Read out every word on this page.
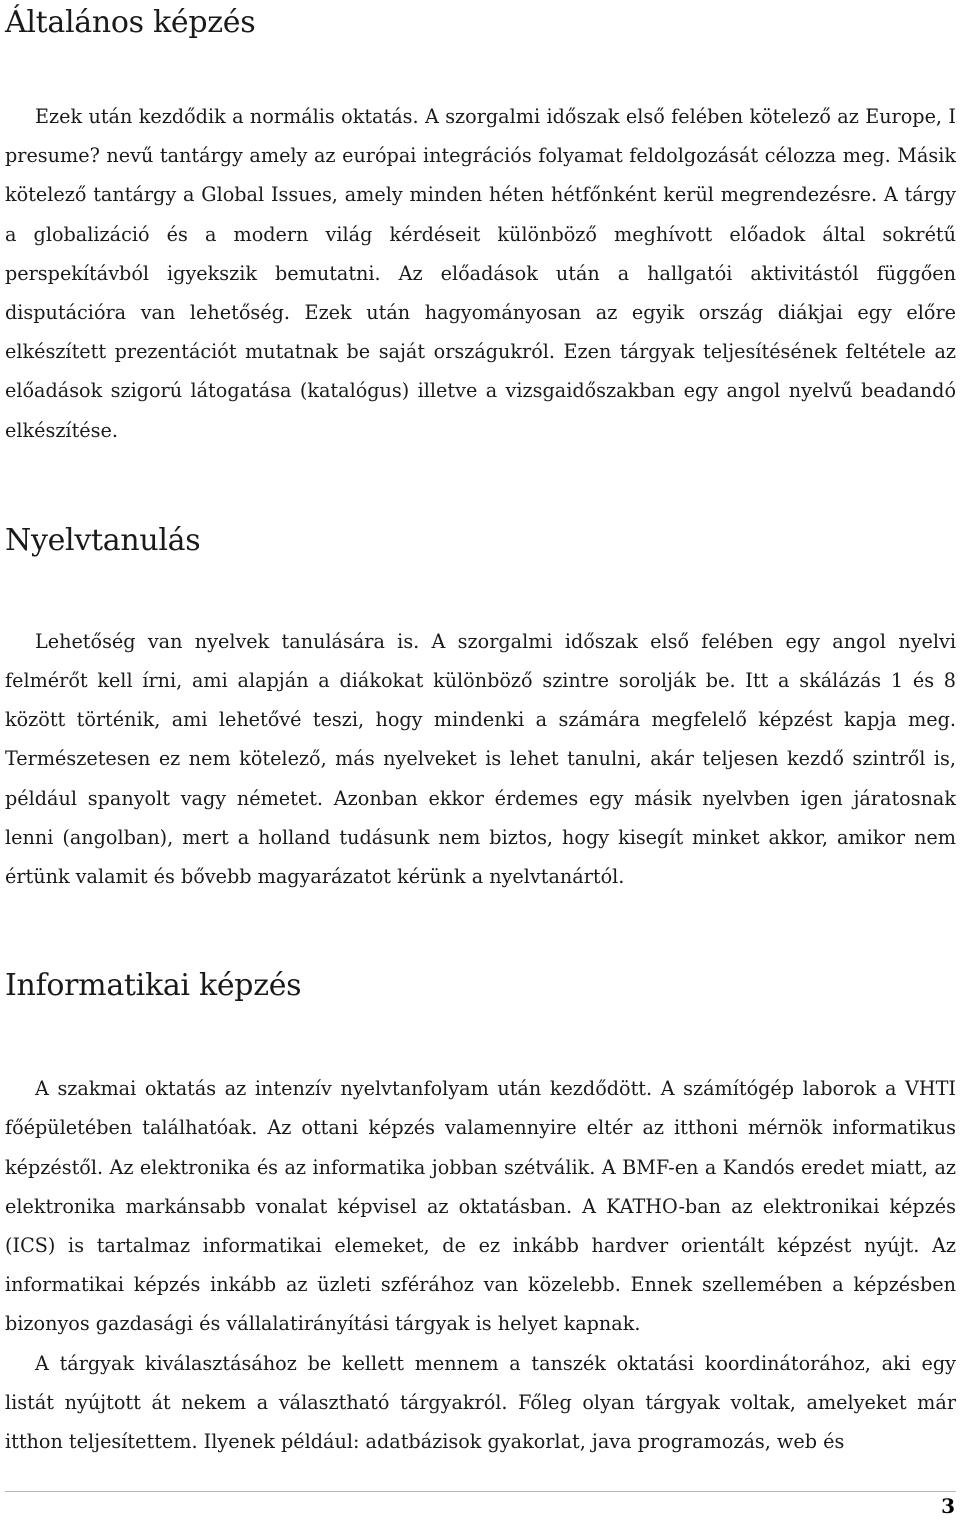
Általános képzés

Ezek után kezdődik a normális oktatás. A szorgalmi időszak első felében kötelező az Europe, I presume? nevű tantárgy amely az európai integrációs folyamat feldolgozását célozza meg. Másik kötelező tantárgy a Global Issues, amely minden héten hétfőnként kerül megrendezésre. A tárgy a globalizáció és a modern világ kérdéseit különböző meghívott előadok által sokrétű perspekítávból igyekszik bemutatni. Az előadások után a hallgatói aktivitástól függően disputációra van lehetőség. Ezek után hagyományosan az egyik ország diákjai egy előre elkészített prezentációt mutatnak be saját országukról. Ezen tárgyak teljesítésének feltétele az előadások szigorú látogatása (katalógus) illetve a vizsgaidőszakban egy angol nyelvű beadandó elkészítése.

Nyelvtanulás

Lehetőség van nyelvek tanulására is. A szorgalmi időszak első felében egy angol nyelvi felmérőt kell írni, ami alapján a diákokat különböző szintre sorolják be. Itt a skálázás 1 és 8 között történik, ami lehetővé teszi, hogy mindenki a számára megfelelő képzést kapja meg. Természetesen ez nem kötelező, más nyelveket is lehet tanulni, akár teljesen kezdő szintről is, például spanyolt vagy németet. Azonban ekkor érdemes egy másik nyelvben igen járatosnak lenni (angolban), mert a holland tudásunk nem biztos, hogy kisegít minket akkor, amikor nem értünk valamit és bővebb magyarázatot kérünk a nyelvtanártól.

Informatikai képzés

A szakmai oktatás az intenzív nyelvtanfolyam után kezdődött. A számítógép laborok a VHTI főépületében találhatóak. Az ottani képzés valamennyire eltér az itthoni mérnök informatikus képzéstől. Az elektronika és az informatika jobban szétválik. A BMF-en a Kandós eredet miatt, az elektronika markánsabb vonalat képvisel az oktatásban. A KATHO-ban az elektronikai képzés (ICS) is tartalmaz informatikai elemeket, de ez inkább hardver orientált képzést nyújt. Az informatikai képzés inkább az üzleti szférához van közelebb. Ennek szellemében a képzésben bizonyos gazdasági és vállalatirányítási tárgyak is helyet kapnak.

A tárgyak kiválasztásához be kellett mennem a tanszék oktatási koordinátorához, aki egy listát nyújtott át nekem a választható tárgyakról. Főleg olyan tárgyak voltak, amelyeket már itthon teljesítettem. Ilyenek például: adatbázisok gyakorlat, java programozás, web és

3
